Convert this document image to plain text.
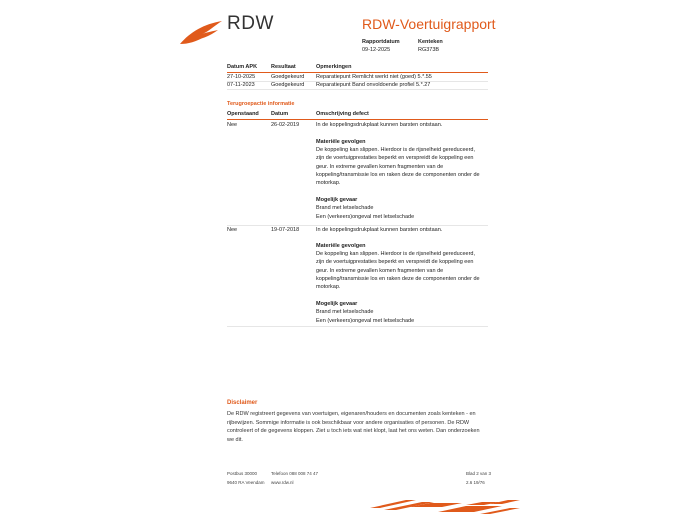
RDW	RDW-Voertuigrapport
Rapportdatum
09-12-2025
Kenteken
RG373B
Datum APK	Resultaat	Opmerkingen
27-10-2025	Goedgekeurd Reparatiepunt Remlicht werkt niet (goed) 5.*.55
07-11-2023	Goedgekeurd Reparatiepunt Band onvoldoende profiel 5.*.27
Terugroepactie informatie
Openstaand Datum	Omschrijving defect
Nee	26-02-2019	In de koppelingsdrukplaat kunnen barsten ontstaan.
Materiële gevolgen
De koppeling kan slippen. Hierdoor is de rijsnelheid gereduceerd,
zijn de voertuigprestaties beperkt en verspreidt de koppeling een
geur. In extreme gevallen komen fragmenten van de
koppeling/transmissie los en raken deze de componenten onder de
motorkap.
Mogelijk gevaar
Brand met letselschade
Een (verkeers)ongeval met letselschade
Nee	19-07-2018	In de koppelingsdrukplaat kunnen barsten ontstaan.
Materiële gevolgen
De koppeling kan slippen. Hierdoor is de rijsnelheid gereduceerd,
zijn de voertuigprestaties beperkt en verspreidt de koppeling een
geur. In extreme gevallen komen fragmenten van de
koppeling/transmissie los en raken deze de componenten onder de
motorkap.
Mogelijk gevaar
Brand met letselschade
Een (verkeers)ongeval met letselschade
Disclaimer
De RDW registreert gegevens van voertuigen, eigenaren/houders en documenten zoals kenteken - en
rijbewijzen. Sommige informatie is ook beschikbaar voor andere organisaties of personen. De RDW
controleert of de gegevens kloppen. Ziet u toch iets wat niet klopt, laat het ons weten. Dan onderzoeken
we dit.
Postbus 30000
9640 RA Veendam
Telefoon 088 008 74 47
www.rdw.nl
Blad 2 van 3
2.6 19/76
